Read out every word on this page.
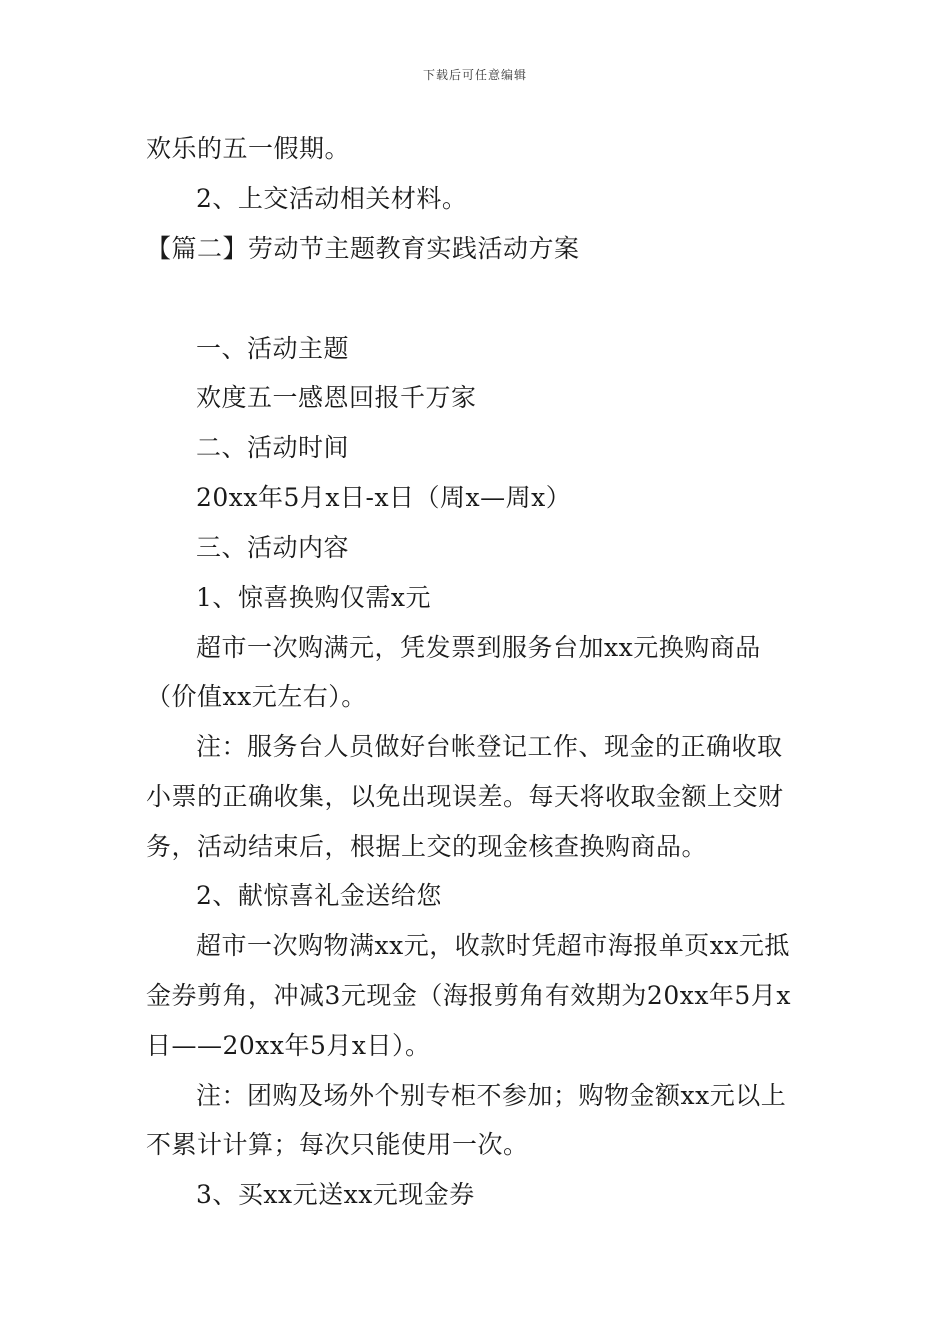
下载后可任意编辑
欢乐的五一假期。
2、上交活动相关材料。
【篇二】劳动节主题教育实践活动方案
一、活动主题
欢度五一感恩回报千万家
二、活动时间
20xx年5月x日-x日（周x—周x）
三、活动内容
1、惊喜换购仅需x元
超市一次购满元，凭发票到服务台加xx元换购商品
（价值xx元左右）。
注：服务台人员做好台帐登记工作、现金的正确收取
小票的正确收集，以免出现误差。每天将收取金额上交财
务，活动结束后，根据上交的现金核查换购商品。
2、献惊喜礼金送给您
超市一次购物满xx元，收款时凭超市海报单页xx元抵
金券剪角，冲减3元现金（海报剪角有效期为20xx年5月x
日——20xx年5月x日）。
注：团购及场外个别专柜不参加；购物金额xx元以上
不累计计算；每次只能使用一次。
3、买xx元送xx元现金券
